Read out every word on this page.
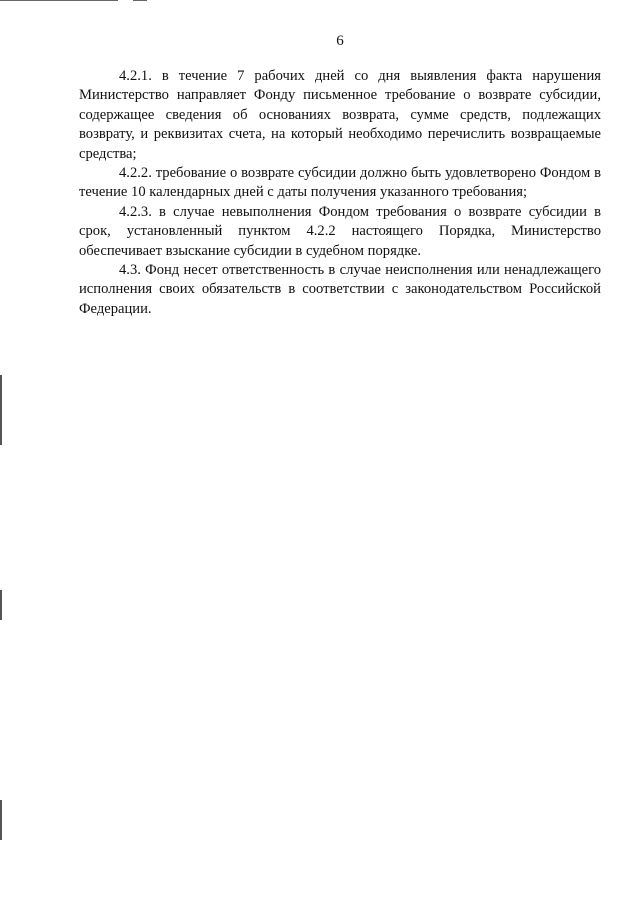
6

4.2.1. в течение 7 рабочих дней со дня выявления факта нарушения Министерство направляет Фонду письменное требование о возврате субсидии, содержащее сведения об основаниях возврата, сумме средств, подлежащих возврату, и реквизитах счета, на который необходимо перечислить возвращаемые средства;

4.2.2. требование о возврате субсидии должно быть удовлетворено Фондом в течение 10 календарных дней с даты получения указанного требования;

4.2.3. в случае невыполнения Фондом требования о возврате субсидии в срок, установленный пунктом 4.2.2 настоящего Порядка, Министерство обеспечивает взыскание субсидии в судебном порядке.

4.3. Фонд несет ответственность в случае неисполнения или ненадлежащего исполнения своих обязательств в соответствии с законодательством Российской Федерации.
